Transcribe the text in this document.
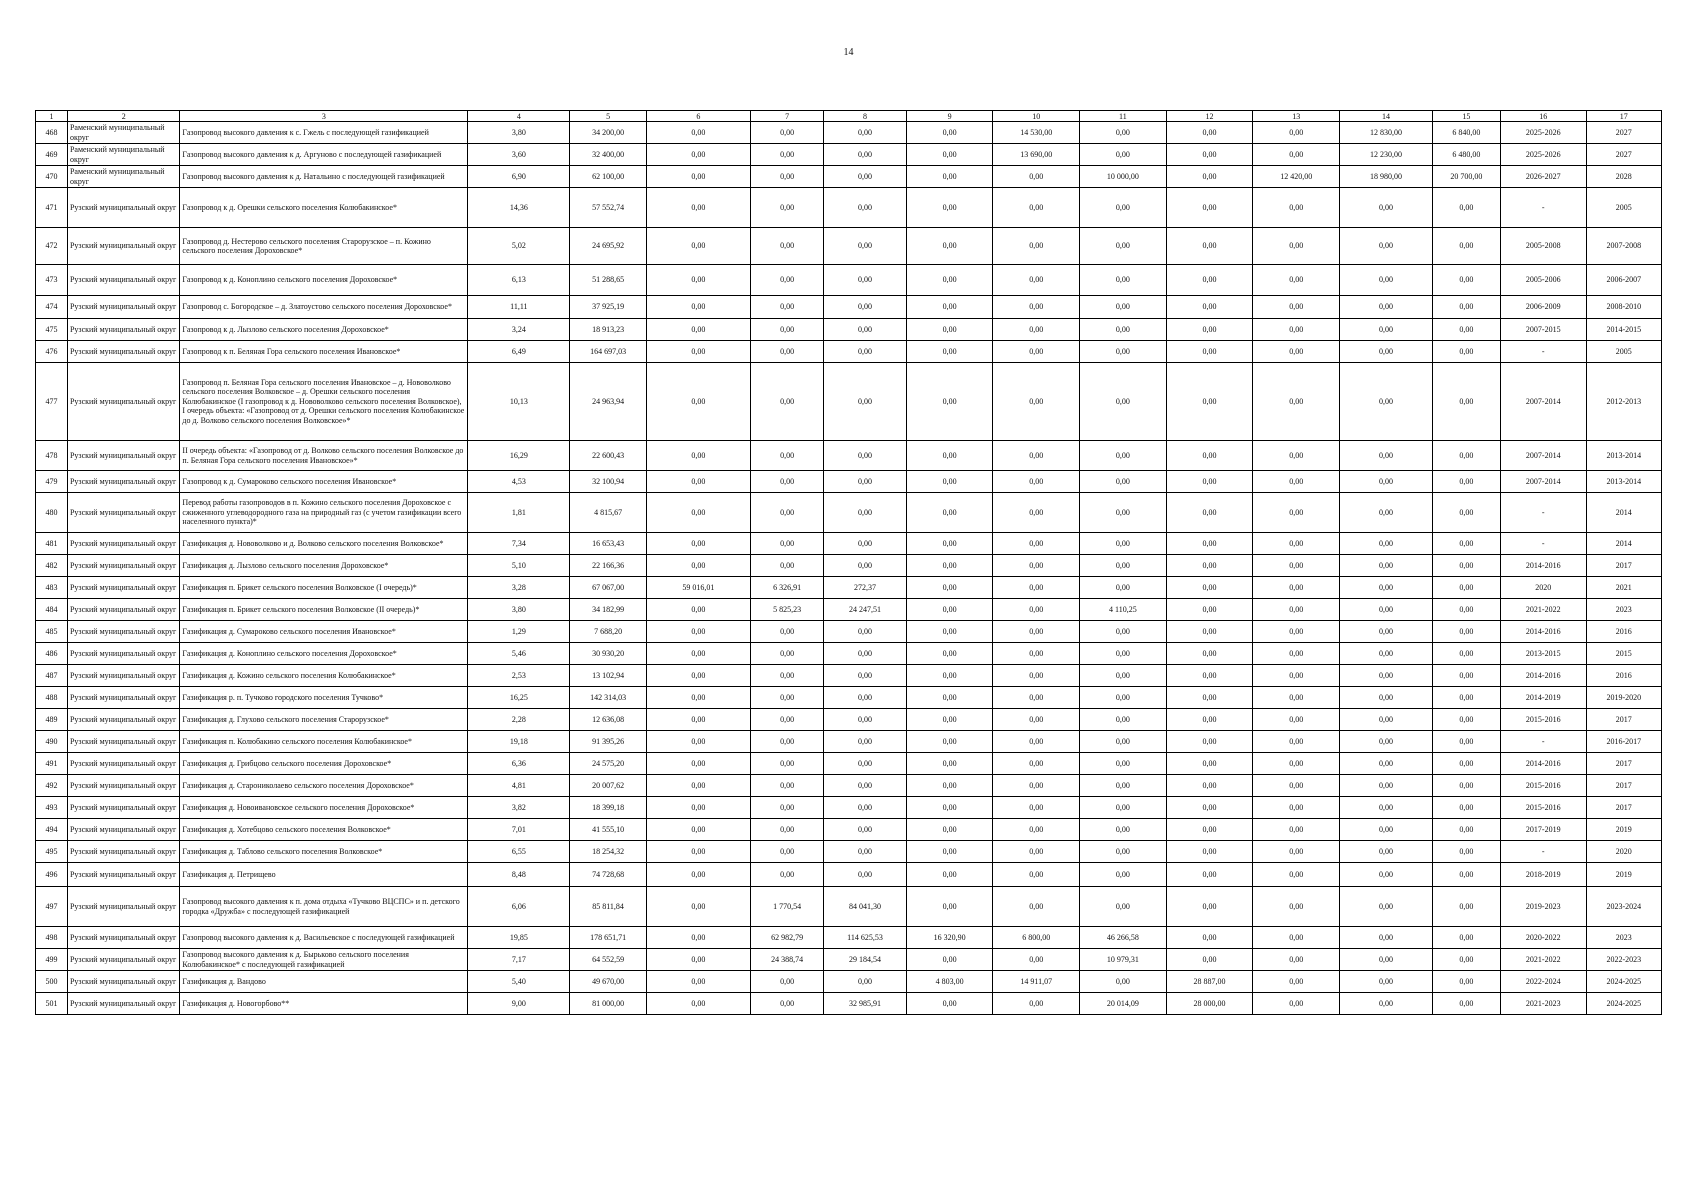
14
1	2	3	4	5	6	7	8	9	10	11	12	13	14	15	16	17
468	Раменский муниципальный округ	Газопровод высокого давления к с. Гжель с последующей газификацией	3,80	34 200,00	0,00	0,00	0,00	0,00	14 530,00	0,00	0,00	0,00	12 830,00	6 840,00	2025-2026	2027
469	Раменский муниципальный округ	Газопровод высокого давления к д. Аргуново с последующей газификацией	3,60	32 400,00	0,00	0,00	0,00	0,00	13 690,00	0,00	0,00	0,00	12 230,00	6 480,00	2025-2026	2027
470	Раменский муниципальный округ	Газопровод высокого давления к д. Натальино с последующей газификацией	6,90	62 100,00	0,00	0,00	0,00	0,00	0,00	10 000,00	0,00	12 420,00	18 980,00	20 700,00	2026-2027	2028
471	Рузский муниципальный округ	Газопровод к д. Орешки сельского поселения Колюбакинское*	14,36	57 552,74	0,00	0,00	0,00	0,00	0,00	0,00	0,00	0,00	0,00	0,00	-	2005
472	Рузский муниципальный округ	Газопровод д. Нестерово сельского поселения Старорузское – п. Кожино сельского поселения Дороховское*	5,02	24 695,92	0,00	0,00	0,00	0,00	0,00	0,00	0,00	0,00	0,00	0,00	2005-2008	2007-2008
473	Рузский муниципальный округ	Газопровод к д. Коноплино сельского поселения Дороховское*	6,13	51 288,65	0,00	0,00	0,00	0,00	0,00	0,00	0,00	0,00	0,00	0,00	2005-2006	2006-2007
474	Рузский муниципальный округ	Газопровод с. Богородское – д. Златоустово сельского поселения Дороховское*	11,11	37 925,19	0,00	0,00	0,00	0,00	0,00	0,00	0,00	0,00	0,00	0,00	2006-2009	2008-2010
475	Рузский муниципальный округ	Газопровод к д. Лызлово сельского поселения Дороховское*	3,24	18 913,23	0,00	0,00	0,00	0,00	0,00	0,00	0,00	0,00	0,00	0,00	2007-2015	2014-2015
476	Рузский муниципальный округ	Газопровод к п. Беляная Гора сельского поселения Ивановское*	6,49	164 697,03	0,00	0,00	0,00	0,00	0,00	0,00	0,00	0,00	0,00	0,00	-	2005
477	Рузский муниципальный округ	Газопровод п. Беляная Гора сельского поселения Ивановское – д. Нововолково сельского поселения Волковское – д. Орешки сельского поселения Колюбакинское (I газопровод к д. Нововолково сельского поселения Волковское), I очередь объекта: «Газопровод от д. Орешки сельского поселения Колюбакинское до д. Волково сельского поселения Волковское»*	10,13	24 963,94	0,00	0,00	0,00	0,00	0,00	0,00	0,00	0,00	0,00	0,00	2007-2014	2012-2013
478	Рузский муниципальный округ	II очередь объекта: «Газопровод от д. Волково сельского поселения Волковское до п. Беляная Гора сельского поселения Ивановское»*	16,29	22 600,43	0,00	0,00	0,00	0,00	0,00	0,00	0,00	0,00	0,00	0,00	2007-2014	2013-2014
479	Рузский муниципальный округ	Газопровод к д. Сумароково сельского поселения Ивановское*	4,53	32 100,94	0,00	0,00	0,00	0,00	0,00	0,00	0,00	0,00	0,00	0,00	2007-2014	2013-2014
480	Рузский муниципальный округ	Перевод работы газопроводов в п. Кожино сельского поселения Дороховское с сжиженного углеводородного газа на природный газ (с учетом газификации всего населенного пункта)*	1,81	4 815,67	0,00	0,00	0,00	0,00	0,00	0,00	0,00	0,00	0,00	0,00	-	2014
481	Рузский муниципальный округ	Газификация д. Нововолково и д. Волково сельского поселения Волковское*	7,34	16 653,43	0,00	0,00	0,00	0,00	0,00	0,00	0,00	0,00	0,00	0,00	-	2014
482	Рузский муниципальный округ	Газификация д. Лызлово сельского поселения Дороховское*	5,10	22 166,36	0,00	0,00	0,00	0,00	0,00	0,00	0,00	0,00	0,00	0,00	2014-2016	2017
483	Рузский муниципальный округ	Газификация п. Брикет сельского поселения Волковское (I очередь)*	3,28	67 067,00	59 016,01	6 326,91	272,37	0,00	0,00	0,00	0,00	0,00	0,00	0,00	2020	2021
484	Рузский муниципальный округ	Газификация п. Брикет сельского поселения Волковское (II очередь)*	3,80	34 182,99	0,00	5 825,23	24 247,51	0,00	0,00	4 110,25	0,00	0,00	0,00	0,00	2021-2022	2023
485	Рузский муниципальный округ	Газификация д. Сумароково сельского поселения Ивановское*	1,29	7 688,20	0,00	0,00	0,00	0,00	0,00	0,00	0,00	0,00	0,00	0,00	2014-2016	2016
486	Рузский муниципальный округ	Газификация д. Коноплино сельского поселения Дороховское*	5,46	30 930,20	0,00	0,00	0,00	0,00	0,00	0,00	0,00	0,00	0,00	0,00	2013-2015	2015
487	Рузский муниципальный округ	Газификация д. Кожино сельского поселения Колюбакинское*	2,53	13 102,94	0,00	0,00	0,00	0,00	0,00	0,00	0,00	0,00	0,00	0,00	2014-2016	2016
488	Рузский муниципальный округ	Газификация р. п. Тучково городского поселения Тучково*	16,25	142 314,03	0,00	0,00	0,00	0,00	0,00	0,00	0,00	0,00	0,00	0,00	2014-2019	2019-2020
489	Рузский муниципальный округ	Газификация д. Глухово сельского поселения Старорузское*	2,28	12 636,08	0,00	0,00	0,00	0,00	0,00	0,00	0,00	0,00	0,00	0,00	2015-2016	2017
490	Рузский муниципальный округ	Газификация п. Колюбакино сельского поселения Колюбакинское*	19,18	91 395,26	0,00	0,00	0,00	0,00	0,00	0,00	0,00	0,00	0,00	0,00	-	2016-2017
491	Рузский муниципальный округ	Газификация д. Грибцово сельского поселения Дороховское*	6,36	24 575,20	0,00	0,00	0,00	0,00	0,00	0,00	0,00	0,00	0,00	0,00	2014-2016	2017
492	Рузский муниципальный округ	Газификация д. Старониколаево сельского поселения Дороховское*	4,81	20 007,62	0,00	0,00	0,00	0,00	0,00	0,00	0,00	0,00	0,00	0,00	2015-2016	2017
493	Рузский муниципальный округ	Газификация д. Новоивановское сельского поселения Дороховское*	3,82	18 399,18	0,00	0,00	0,00	0,00	0,00	0,00	0,00	0,00	0,00	0,00	2015-2016	2017
494	Рузский муниципальный округ	Газификация д. Хотебцово сельского поселения Волковское*	7,01	41 555,10	0,00	0,00	0,00	0,00	0,00	0,00	0,00	0,00	0,00	0,00	2017-2019	2019
495	Рузский муниципальный округ	Газификация д. Таблово сельского поселения Волковское*	6,55	18 254,32	0,00	0,00	0,00	0,00	0,00	0,00	0,00	0,00	0,00	0,00	-	2020
496	Рузский муниципальный округ	Газификация д. Петрищево	8,48	74 728,68	0,00	0,00	0,00	0,00	0,00	0,00	0,00	0,00	0,00	0,00	2018-2019	2019
497	Рузский муниципальный округ	Газопровод высокого давления к п. дома отдыха «Тучково ВЦСПС» и п. детского городка «Дружба» с последующей газификацией	6,06	85 811,84	0,00	1 770,54	84 041,30	0,00	0,00	0,00	0,00	0,00	0,00	0,00	2019-2023	2023-2024
498	Рузский муниципальный округ	Газопровод высокого давления к д. Васильевское с последующей газификацией	19,85	178 651,71	0,00	62 982,79	114 625,53	16 320,90	6 800,00	46 266,58	0,00	0,00	0,00	0,00	2020-2022	2023
499	Рузский муниципальный округ	Газопровод высокого давления к д. Бырьково сельского поселения Колюбакинское* с последующей газификацией	7,17	64 552,59	0,00	24 388,74	29 184,54	0,00	0,00	10 979,31	0,00	0,00	0,00	0,00	2021-2022	2022-2023
500	Рузский муниципальный округ	Газификация д. Вандово	5,40	49 670,00	0,00	0,00	0,00	4 803,00	14 911,07	0,00	28 887,00	0,00	0,00	0,00	2022-2024	2024-2025
501	Рузский муниципальный округ	Газификация д. Новогорбово**	9,00	81 000,00	0,00	0,00	32 985,91	0,00	0,00	20 014,09	28 000,00	0,00	0,00	0,00	2021-2023	2024-2025
